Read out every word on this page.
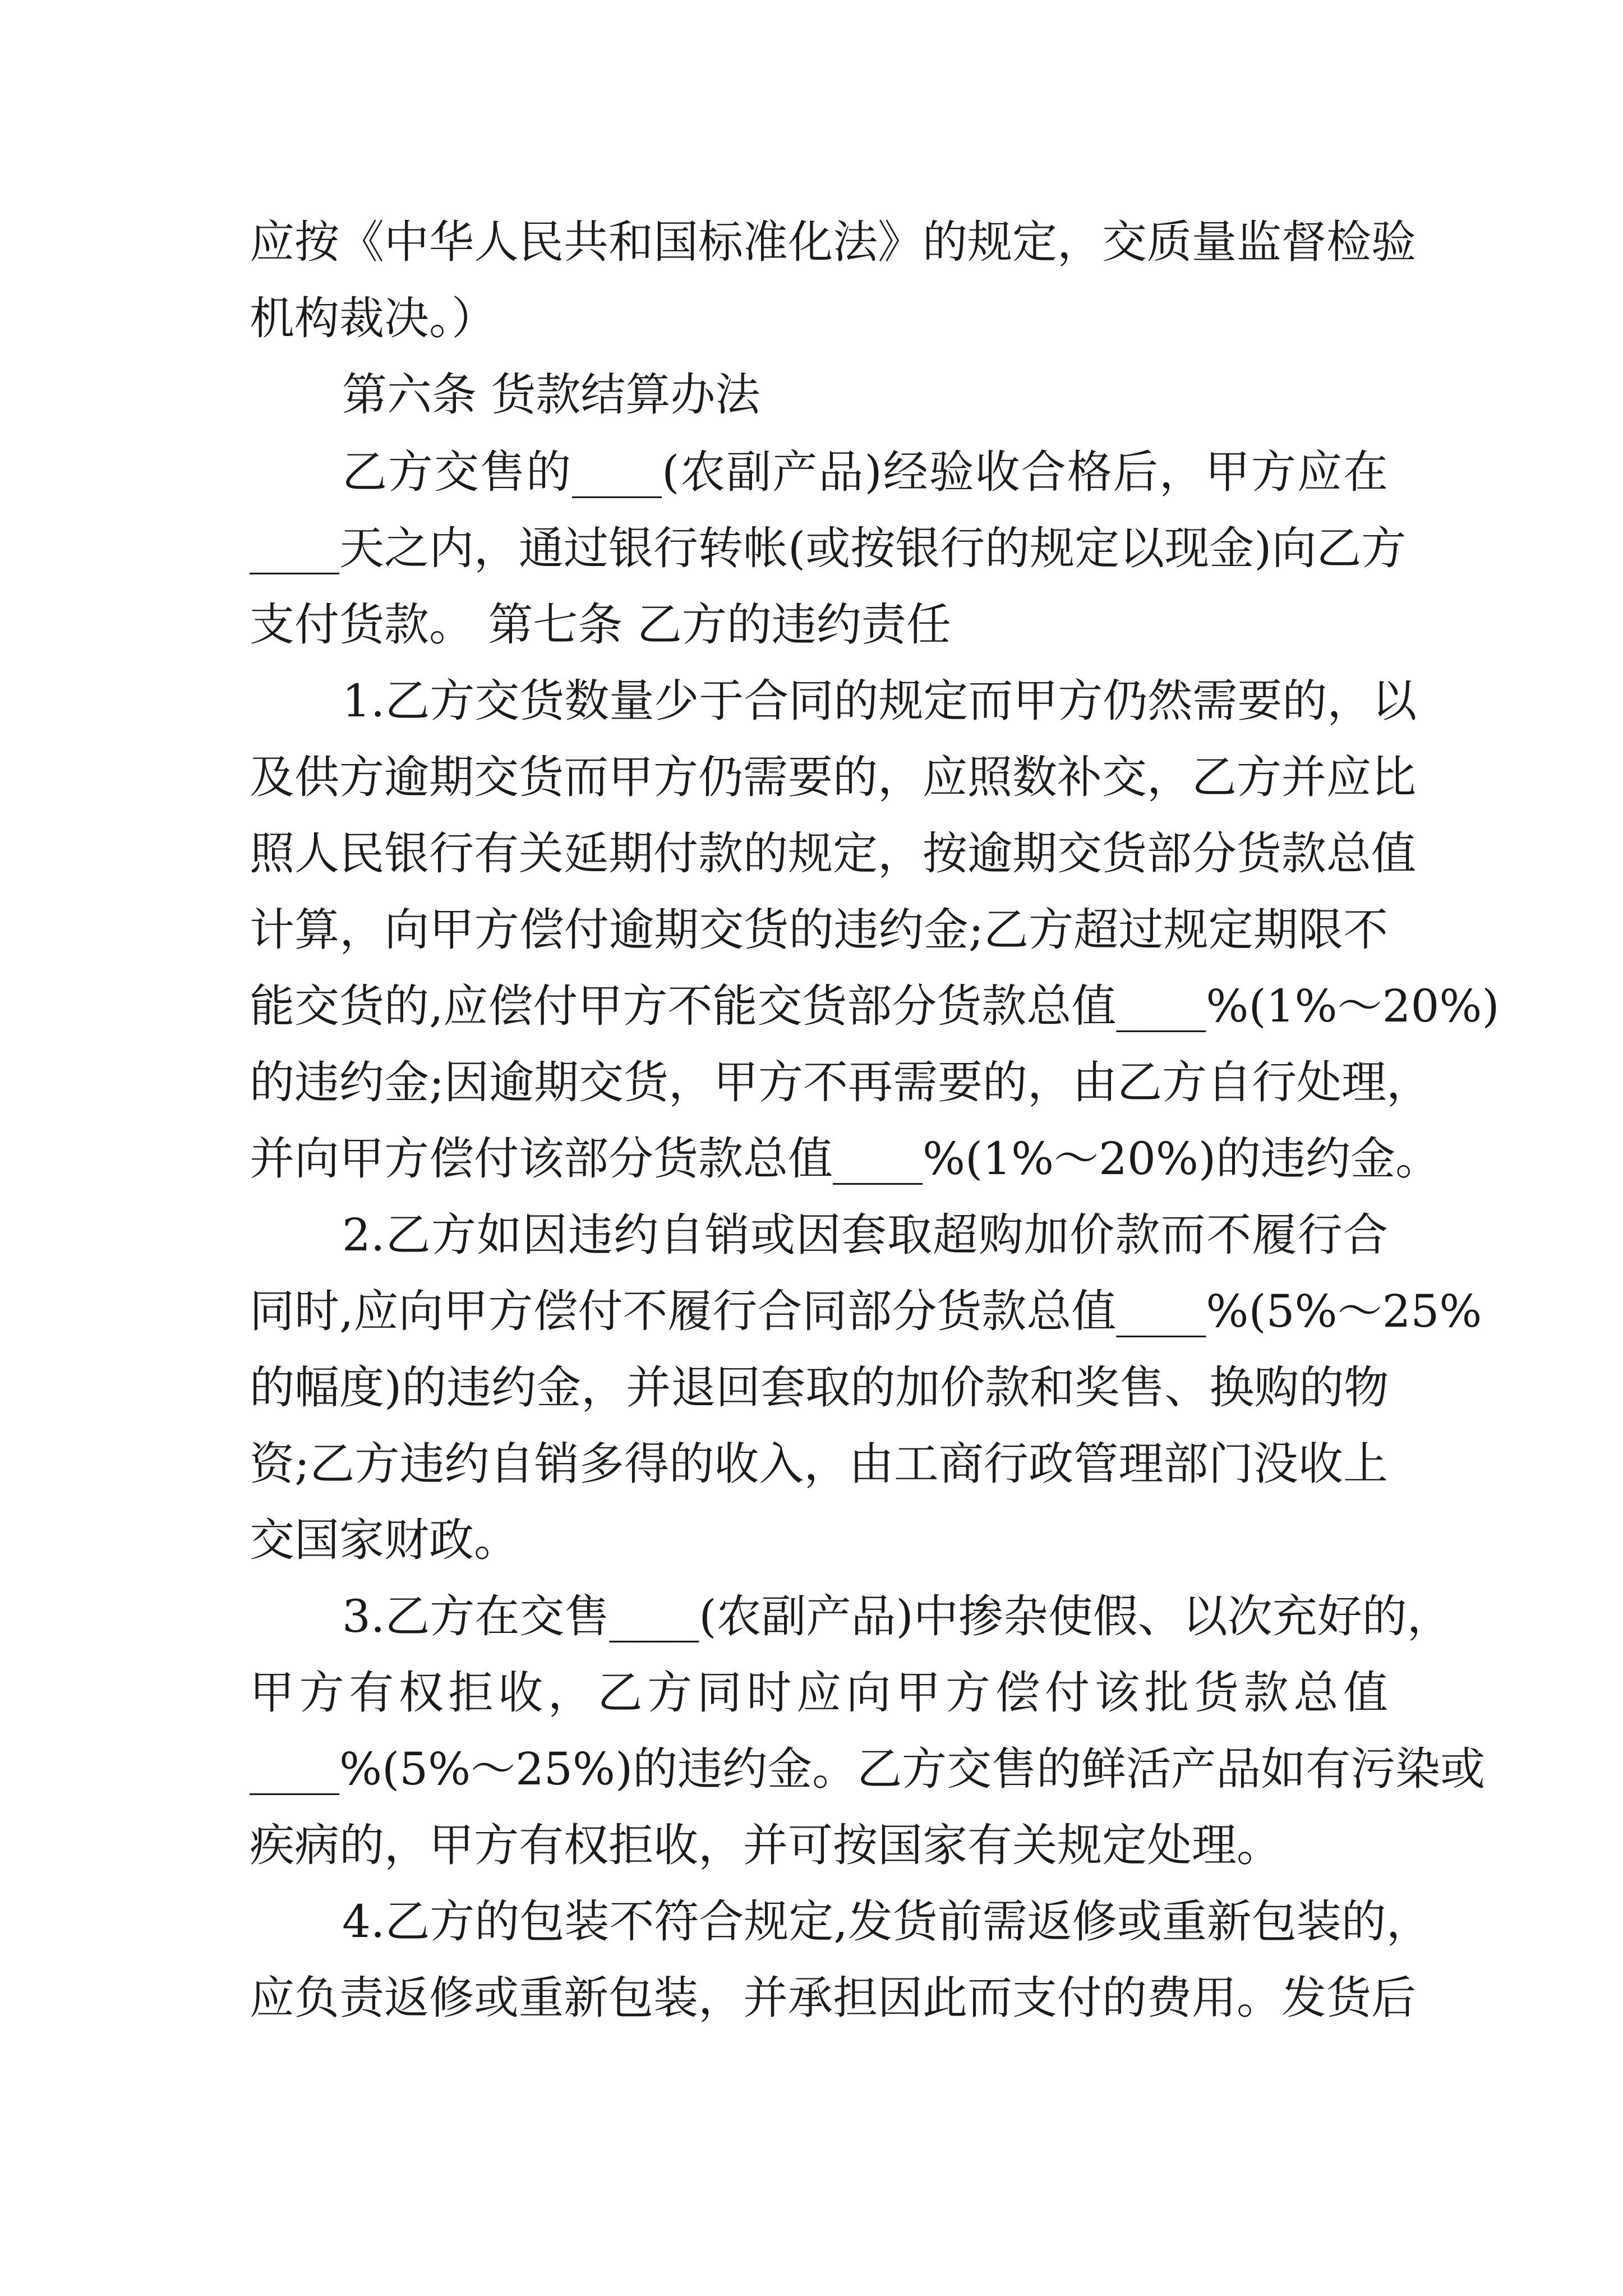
应按《中华人民共和国标准化法》的规定，交质量监督检验
机构裁决。）
第六条 货款结算办法
乙方交售的____(农副产品)经验收合格后，甲方应在
____天之内，通过银行转帐(或按银行的规定以现金)向乙方
支付货款。 第七条 乙方的违约责任
1.乙方交货数量少于合同的规定而甲方仍然需要的，以
及供方逾期交货而甲方仍需要的，应照数补交，乙方并应比
照人民银行有关延期付款的规定，按逾期交货部分货款总值
计算，向甲方偿付逾期交货的违约金;乙方超过规定期限不
能交货的,应偿付甲方不能交货部分货款总值____%(1%～20%)
的违约金;因逾期交货，甲方不再需要的，由乙方自行处理，
并向甲方偿付该部分货款总值____%(1%～20%)的违约金。
2.乙方如因违约自销或因套取超购加价款而不履行合
同时,应向甲方偿付不履行合同部分货款总值____%(5%～25%
的幅度)的违约金，并退回套取的加价款和奖售、换购的物
资;乙方违约自销多得的收入，由工商行政管理部门没收上
交国家财政。
3.乙方在交售____(农副产品)中掺杂使假、以次充好的，
甲方有权拒收，乙方同时应向甲方偿付该批货款总值
____%(5%～25%)的违约金。乙方交售的鲜活产品如有污染或
疾病的，甲方有权拒收，并可按国家有关规定处理。
4.乙方的包装不符合规定,发货前需返修或重新包装的，
应负责返修或重新包装，并承担因此而支付的费用。发货后
